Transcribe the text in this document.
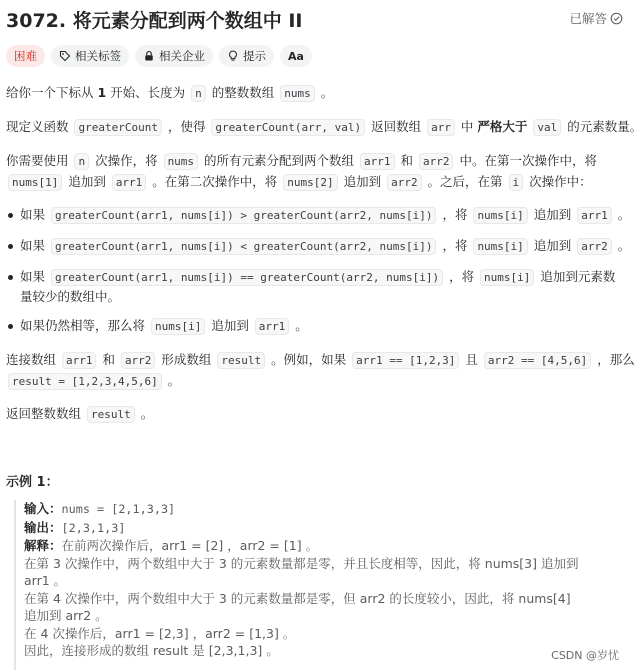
3072. 将元素分配到两个数组中 II	已解答
困难	相关标签	相关企业	提示 Aa
给你一个下标从 1 开始、长度为 n 的整数数组 nums 。
现定义函数 greaterCount ，使得 greaterCount(arr, val) 返回数组 arr 中 严格大于 val 的元素数量。
你需要使用 n 次操作，将 nums 的所有元素分配到两个数组 arr1 和 arr2 中。在第一次操作中，将
nums[1] 追加到 arr1 。在第二次操作中，将 nums[2] 追加到 arr2 。之后，在第 i 次操作中：
如果 greaterCount(arr1, nums[i]) > greaterCount(arr2, nums[i]) ，将 nums[i] 追加到 arr1 。
如果 greaterCount(arr1, nums[i]) < greaterCount(arr2, nums[i]) ，将 nums[i] 追加到 arr2 。
如果 greaterCount(arr1, nums[i]) == greaterCount(arr2, nums[i]) ，将 nums[i] 追加到元素数
量较少的数组中。
如果仍然相等，那么将 nums[i] 追加到 arr1 。
连接数组 arr1 和 arr2 形成数组 result 。例如，如果 arr1 == [1,2,3] 且 arr2 == [4,5,6] ，那么
result = [1,2,3,4,5,6] 。
返回整数数组 result 。
示例 1：
输入：nums = [2,1,3,3]
输出：[2,3,1,3]
解释：在前两次操作后，arr1 = [2] ，arr2 = [1] 。
在第 3 次操作中，两个数组中大于 3 的元素数量都是零，并且长度相等，因此，将 nums[3] 追加到
arr1 。
在第 4 次操作中，两个数组中大于 3 的元素数量都是零，但 arr2 的长度较小，因此，将 nums[4]
追加到 arr2 。
在 4 次操作后，arr1 = [2,3] ，arr2 = [1,3] 。
因此，连接形成的数组 result 是 [2,3,1,3] 。	CSDN @岁忧
